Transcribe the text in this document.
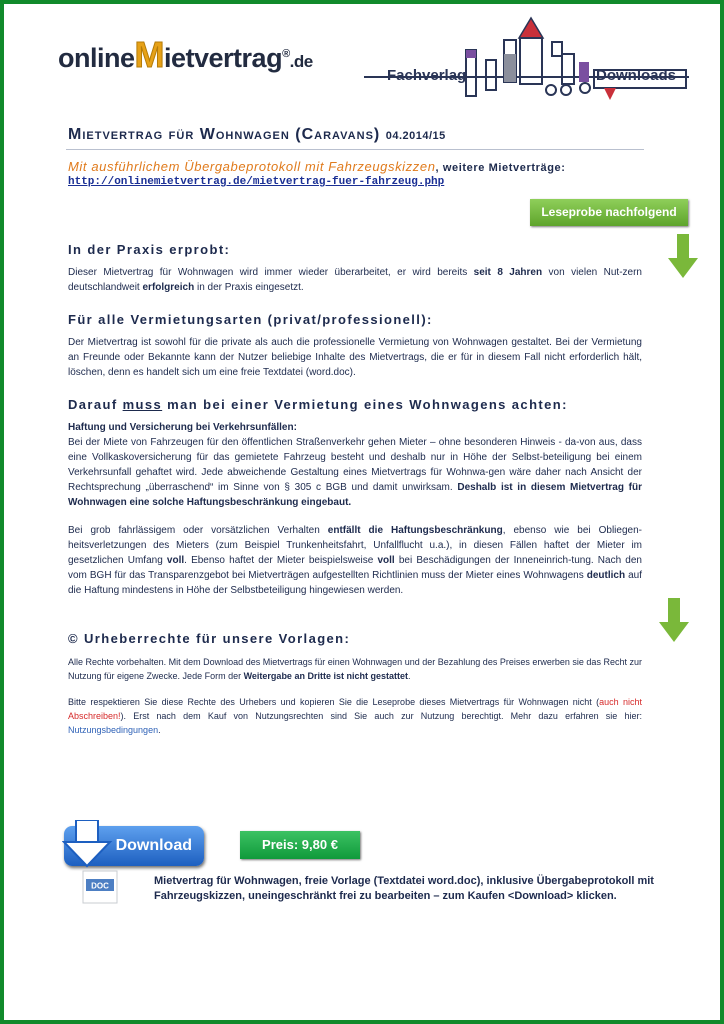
onlineMietvertrag®.de
Fachverlag	Downloads
Mietvertrag für Wohnwagen (Caravans) 04.2014/15
Mit ausführlichem Übergabeprotokoll mit Fahrzeugskizzen, weitere Mietverträge:
http://onlinemietvertrag.de/mietvertrag-fuer-fahrzeug.php
Leseprobe nachfolgend
In der Praxis erprobt:

Dieser Mietvertrag für Wohnwagen wird immer wieder überarbeitet, er wird bereits seit 8 Jahren von vielen Nut-zern deutschlandweit erfolgreich in der Praxis eingesetzt.

Für alle Vermietungsarten (privat/professionell):

Der Mietvertrag ist sowohl für die private als auch die professionelle Vermietung von Wohnwagen gestaltet. Bei der Vermietung an Freunde oder Bekannte kann der Nutzer beliebige Inhalte des Mietvertrags, die er für in diesem Fall nicht erforderlich hält, löschen, denn es handelt sich um eine freie Textdatei (word.doc).

Darauf muss man bei einer Vermietung eines Wohnwagens achten:

Haftung und Versicherung bei Verkehrsunfällen:

Bei der Miete von Fahrzeugen für den öffentlichen Straßenverkehr gehen Mieter – ohne besonderen Hinweis - da-von aus, dass eine Vollkaskoversicherung für das gemietete Fahrzeug besteht und deshalb nur in Höhe der Selbst-beteiligung bei einem Verkehrsunfall gehaftet wird. Jede abweichende Gestaltung eines Mietvertrags für Wohnwa-gen wäre daher nach Ansicht der Rechtsprechung „überraschend“ im Sinne von § 305 c BGB und damit unwirksam. Deshalb ist in diesem Mietvertrag für Wohnwagen eine solche Haftungsbeschränkung eingebaut.

Bei grob fahrlässigem oder vorsätzlichen Verhalten entfällt die Haftungsbeschränkung, ebenso wie bei Obliegen-heitsverletzungen des Mieters (zum Beispiel Trunkenheitsfahrt, Unfallflucht u.a.), in diesen Fällen haftet der Mieter im gesetzlichen Umfang voll. Ebenso haftet der Mieter beispielsweise voll bei Beschädigungen der Inneneinrich-tung. Nach den vom BGH für das Transparenzgebot bei Mietverträgen aufgestellten Richtlinien muss der Mieter eines Wohnwagens deutlich auf die Haftung mindestens in Höhe der Selbstbeteiligung hingewiesen werden.

© Urheberrechte für unsere Vorlagen:

Alle Rechte vorbehalten. Mit dem Download des Mietvertrags für einen Wohnwagen und der Bezahlung des Preises erwerben sie das Recht zur Nutzung für eigene Zwecke. Jede Form der Weitergabe an Dritte ist nicht gestattet.

Bitte respektieren Sie diese Rechte des Urhebers und kopieren Sie die Leseprobe dieses Mietvertrags für Wohnwagen nicht (auch nicht Abschreiben!). Erst nach dem Kauf von Nutzungsrechten sind Sie auch zur Nutzung berechtigt. Mehr dazu erfahren sie hier: Nutzungsbedingungen.

Download
DOC
Preis: 9,80 €

Mietvertrag für Wohnwagen, freie Vorlage (Textdatei word.doc), inklusive Übergabeprotokoll mit Fahrzeugskizzen, uneingeschränkt frei zu bearbeiten – zum Kaufen <Download> klicken.
